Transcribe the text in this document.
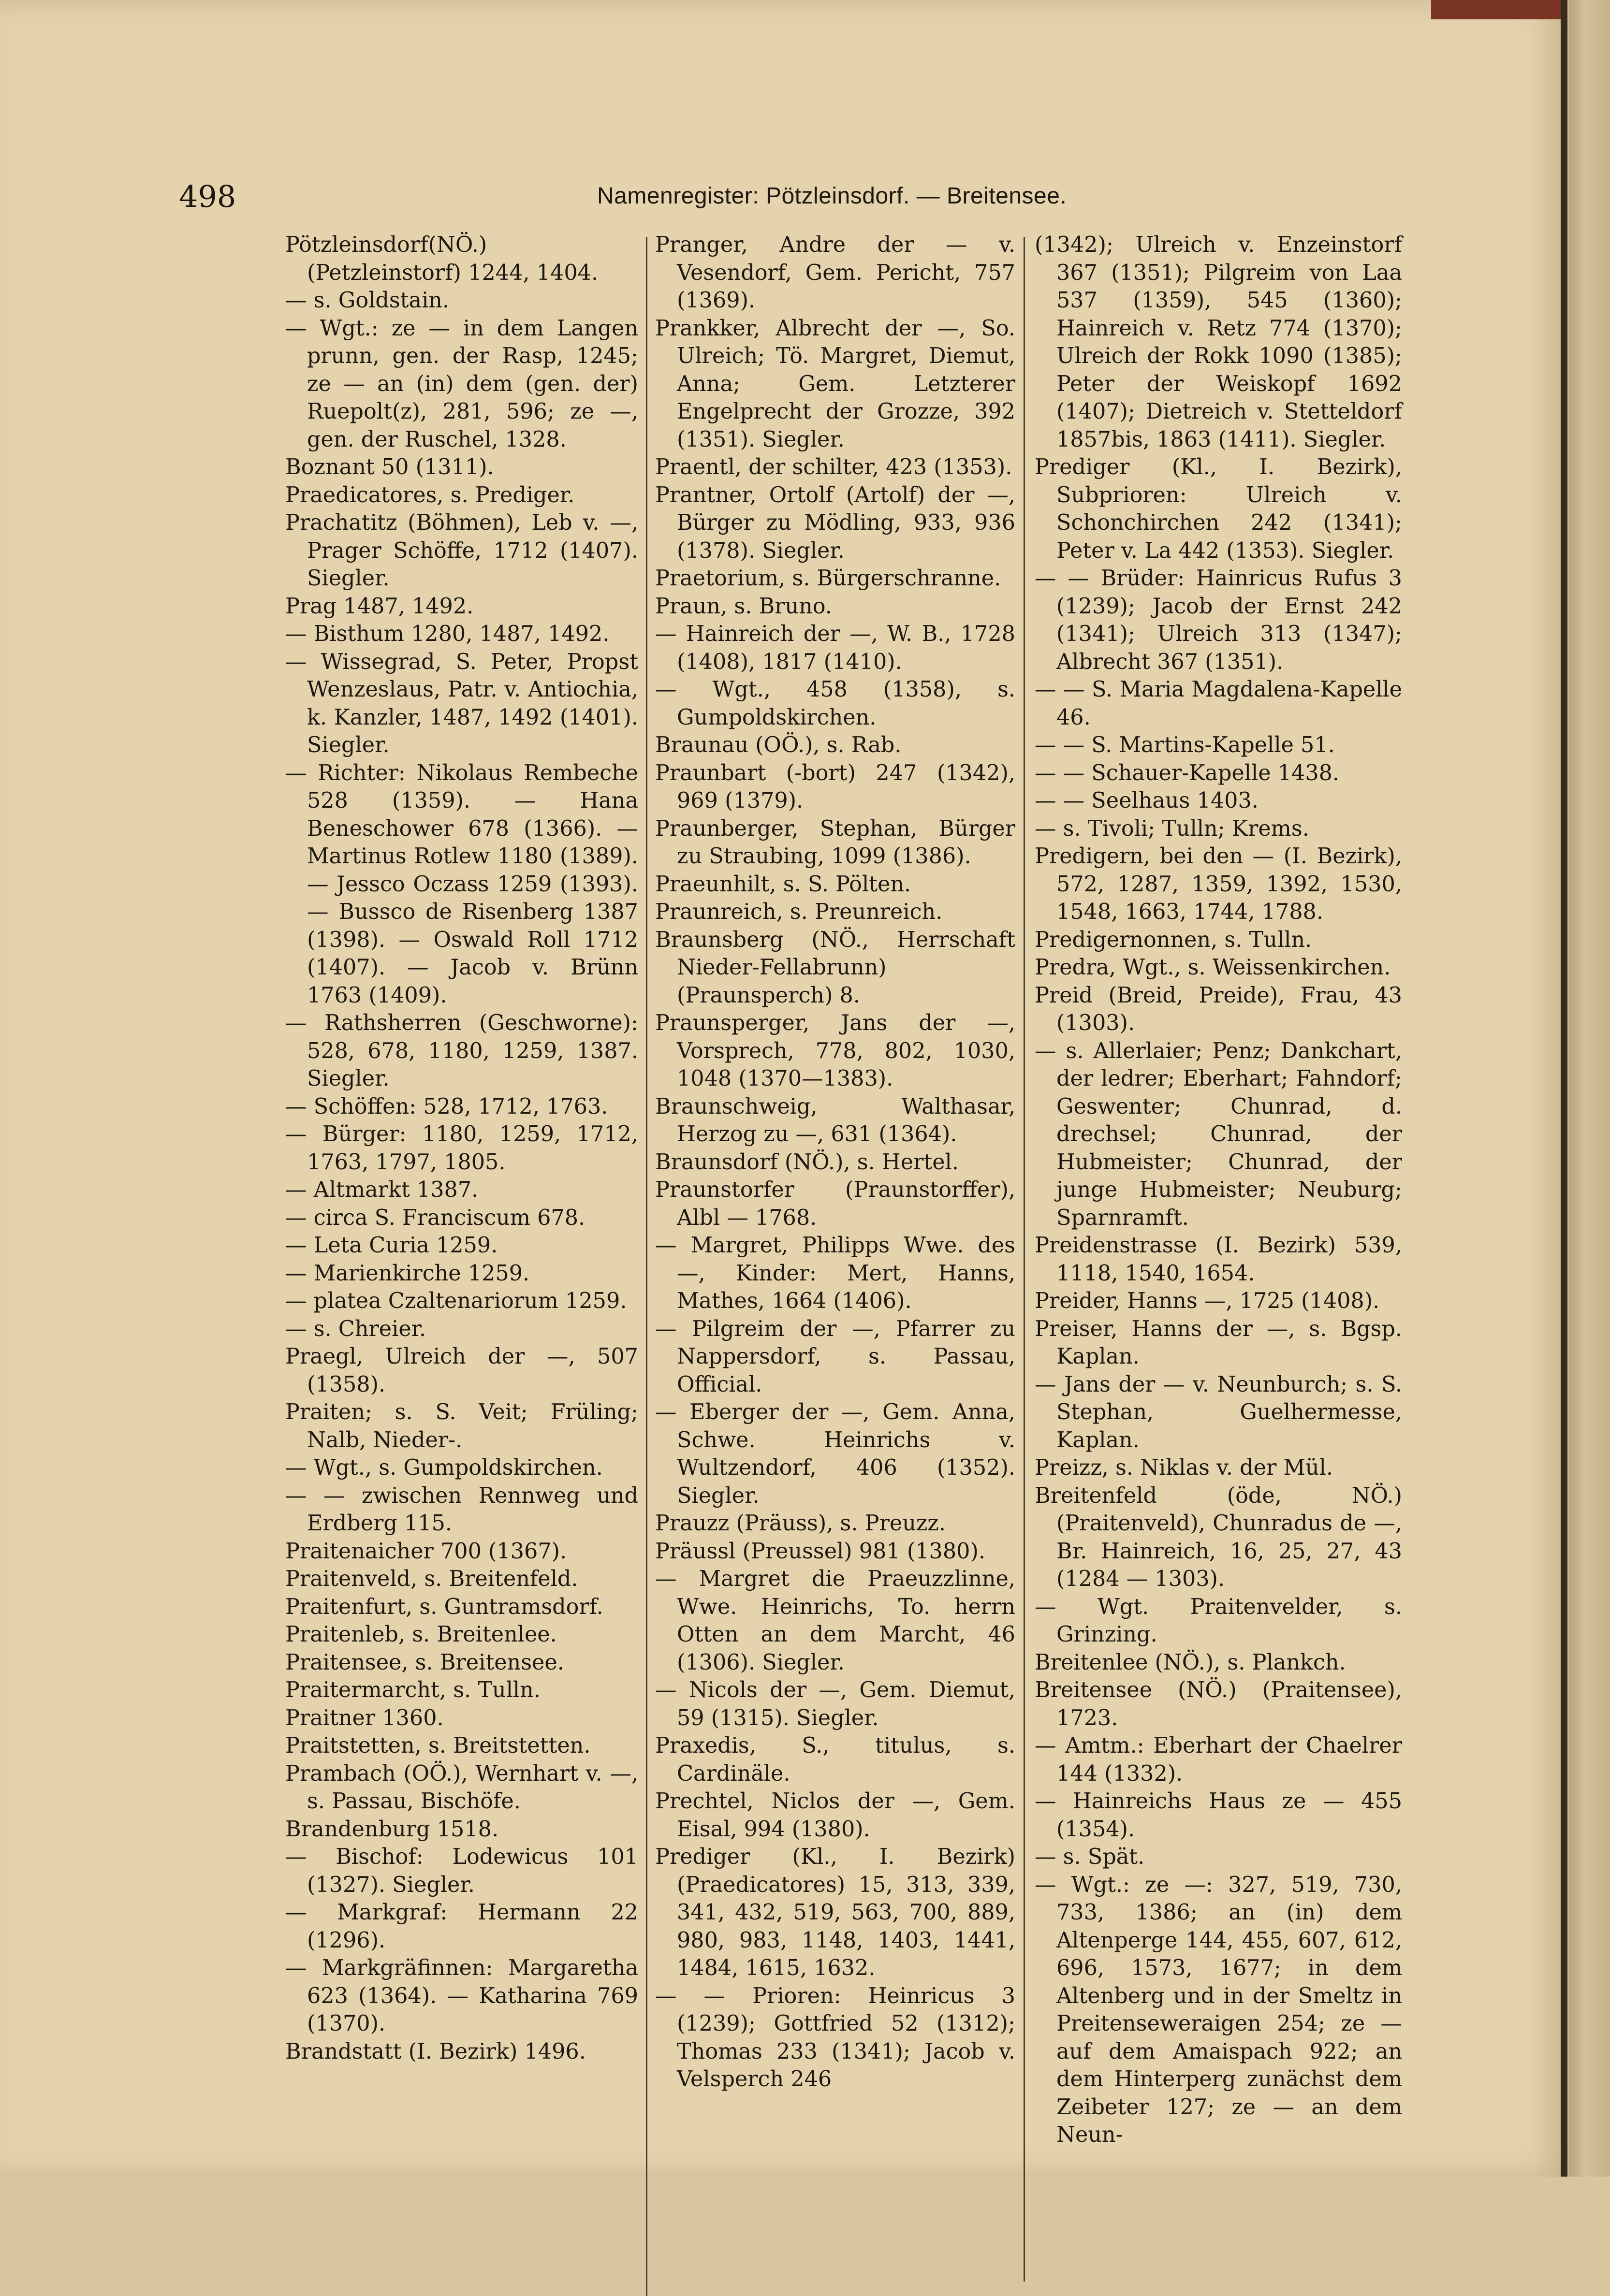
498	Namenregister: Pötzleinsdorf. — Breitensee.

Pötzleinsdorf(NÖ.) (Petzleinstorf) 1244, 1404.

— s. Goldstain.

— Wgt.: ze — in dem Langen prunn, gen. der Rasp, 1245; ze — an (in) dem (gen. der) Ruepolt(z), 281, 596; ze —, gen. der Ruschel, 1328.

Boznant 50 (1311).

Praedicatores, s. Prediger.

Prachatitz (Böhmen), Leb v. —, Prager Schöffe, 1712 (1407). Siegler.

Prag 1487, 1492.

— Bisthum 1280, 1487, 1492.

— Wissegrad, S. Peter, Propst Wenzeslaus, Patr. v. Antiochia, k. Kanzler, 1487, 1492 (1401). Siegler.

— Richter: Nikolaus Rembeche 528 (1359). — Hana Beneschower 678 (1366). — Martinus Rotlew 1180 (1389). — Jessco Oczass 1259 (1393). — Bussco de Risenberg 1387 (1398). — Oswald Roll 1712 (1407). — Jacob v. Brünn 1763 (1409).

— Rathsherren (Geschworne): 528, 678, 1180, 1259, 1387. Siegler.

— Schöffen: 528, 1712, 1763.

— Bürger: 1180, 1259, 1712, 1763, 1797, 1805.

— Altmarkt 1387.

— circa S. Franciscum 678.

— Leta Curia 1259.

— Marienkirche 1259.

— platea Czaltenariorum 1259.

— s. Chreier.

Praegl, Ulreich der —, 507 (1358).

Praiten; s. S. Veit; Früling; Nalb, Nieder-.

— Wgt., s. Gumpoldskirchen.

— — zwischen Rennweg und Erdberg 115.

Praitenaicher 700 (1367).

Praitenveld, s. Breitenfeld.

Praitenfurt, s. Guntramsdorf.

Praitenleb, s. Breitenlee.

Praitensee, s. Breitensee.

Praitermarcht, s. Tulln.

Praitner 1360.

Praitstetten, s. Breitstetten.

Prambach (OÖ.), Wernhart v. —, s. Passau, Bischöfe.

Brandenburg 1518.

— Bischof: Lodewicus 101 (1327). Siegler.

— Markgraf: Hermann 22 (1296).

— Markgräfinnen: Margaretha 623 (1364). — Katharina 769 (1370).

Brandstatt (I. Bezirk) 1496.

Pranger, Andre der — v. Vesendorf, Gem. Pericht, 757 (1369).

Prankker, Albrecht der —, So. Ulreich; Tö. Margret, Diemut, Anna; Gem. Letzterer Engelprecht der Grozze, 392 (1351). Siegler.

Praentl, der schilter, 423 (1353).

Prantner, Ortolf (Artolf) der —, Bürger zu Mödling, 933, 936 (1378). Siegler.

Praetorium, s. Bürgerschranne.

Praun, s. Bruno.

— Hainreich der —, W. B., 1728 (1408), 1817 (1410).

— Wgt., 458 (1358), s. Gumpoldskirchen.

Braunau (OÖ.), s. Rab.

Praunbart (-bort) 247 (1342), 969 (1379).

Praunberger, Stephan, Bürger zu Straubing, 1099 (1386).

Praeunhilt, s. S. Pölten.

Praunreich, s. Preunreich.

Braunsberg (NÖ., Herrschaft Nieder-Fellabrunn) (Praunsperch) 8.

Praunsperger, Jans der —, Vorsprech, 778, 802, 1030, 1048 (1370—1383).

Braunschweig, Walthasar, Herzog zu —, 631 (1364).

Braunsdorf (NÖ.), s. Hertel.

Praunstorfer (Praunstorffer), Albl — 1768.

— Margret, Philipps Wwe. des —, Kinder: Mert, Hanns, Mathes, 1664 (1406).

— Pilgreim der —, Pfarrer zu Nappersdorf, s. Passau, Official.

— Eberger der —, Gem. Anna, Schwe. Heinrichs v. Wultzendorf, 406 (1352). Siegler.

Prauzz (Präuss), s. Preuzz.

Präussl (Preussel) 981 (1380).

— Margret die Praeuzzlinne, Wwe. Heinrichs, To. herrn Otten an dem Marcht, 46 (1306). Siegler.

— Nicols der —, Gem. Diemut, 59 (1315). Siegler.

Praxedis, S., titulus, s. Cardinäle.

Prechtel, Niclos der —, Gem. Eisal, 994 (1380).

Prediger (Kl., I. Bezirk) (Praedicatores) 15, 313, 339, 341, 432, 519, 563, 700, 889, 980, 983, 1148, 1403, 1441, 1484, 1615, 1632.

— — Prioren: Heinricus 3 (1239); Gottfried 52 (1312); Thomas 233 (1341); Jacob v. Velsperch 246

(1342); Ulreich v. Enzeinstorf 367 (1351); Pilgreim von Laa 537 (1359), 545 (1360); Hainreich v. Retz 774 (1370); Ulreich der Rokk 1090 (1385); Peter der Weiskopf 1692 (1407); Dietreich v. Stetteldorf 1857bis, 1863 (1411). Siegler.

Prediger (Kl., I. Bezirk), Subprioren: Ulreich v. Schonchirchen 242 (1341); Peter v. La 442 (1353). Siegler.

— — Brüder: Hainricus Rufus 3 (1239); Jacob der Ernst 242 (1341); Ulreich 313 (1347); Albrecht 367 (1351).

— — S. Maria Magdalena-Kapelle 46.

— — S. Martins-Kapelle 51.

— — Schauer-Kapelle 1438.

— — Seelhaus 1403.

— s. Tivoli; Tulln; Krems.

Predigern, bei den — (I. Bezirk), 572, 1287, 1359, 1392, 1530, 1548, 1663, 1744, 1788.

Predigernonnen, s. Tulln.

Predra, Wgt., s. Weissenkirchen.

Preid (Breid, Preide), Frau, 43 (1303).

— s. Allerlaier; Penz; Dankchart, der ledrer; Eberhart; Fahndorf; Geswenter; Chunrad, d. drechsel; Chunrad, der Hubmeister; Chunrad, der junge Hubmeister; Neuburg; Sparnramft.

Preidenstrasse (I. Bezirk) 539, 1118, 1540, 1654.

Preider, Hanns —, 1725 (1408).

Preiser, Hanns der —, s. Bgsp. Kaplan.

— Jans der — v. Neunburch; s. S. Stephan, Guelhermesse, Kaplan.

Preizz, s. Niklas v. der Mül.

Breitenfeld (öde, NÖ.) (Praitenveld), Chunradus de —, Br. Hainreich, 16, 25, 27, 43 (1284 — 1303).

— Wgt. Praitenvelder, s. Grinzing.

Breitenlee (NÖ.), s. Plankch.

Breitensee (NÖ.) (Praitensee), 1723.

— Amtm.: Eberhart der Chaelrer 144 (1332).

— Hainreichs Haus ze — 455 (1354).

— s. Spät.

— Wgt.: ze —: 327, 519, 730, 733, 1386; an (in) dem Altenperge 144, 455, 607, 612, 696, 1573, 1677; in dem Altenberg und in der Smeltz in Preitenseweraigen 254; ze — auf dem Amaispach 922; an dem Hinterperg zunächst dem Zeibeter 127; ze — an dem Neun-
